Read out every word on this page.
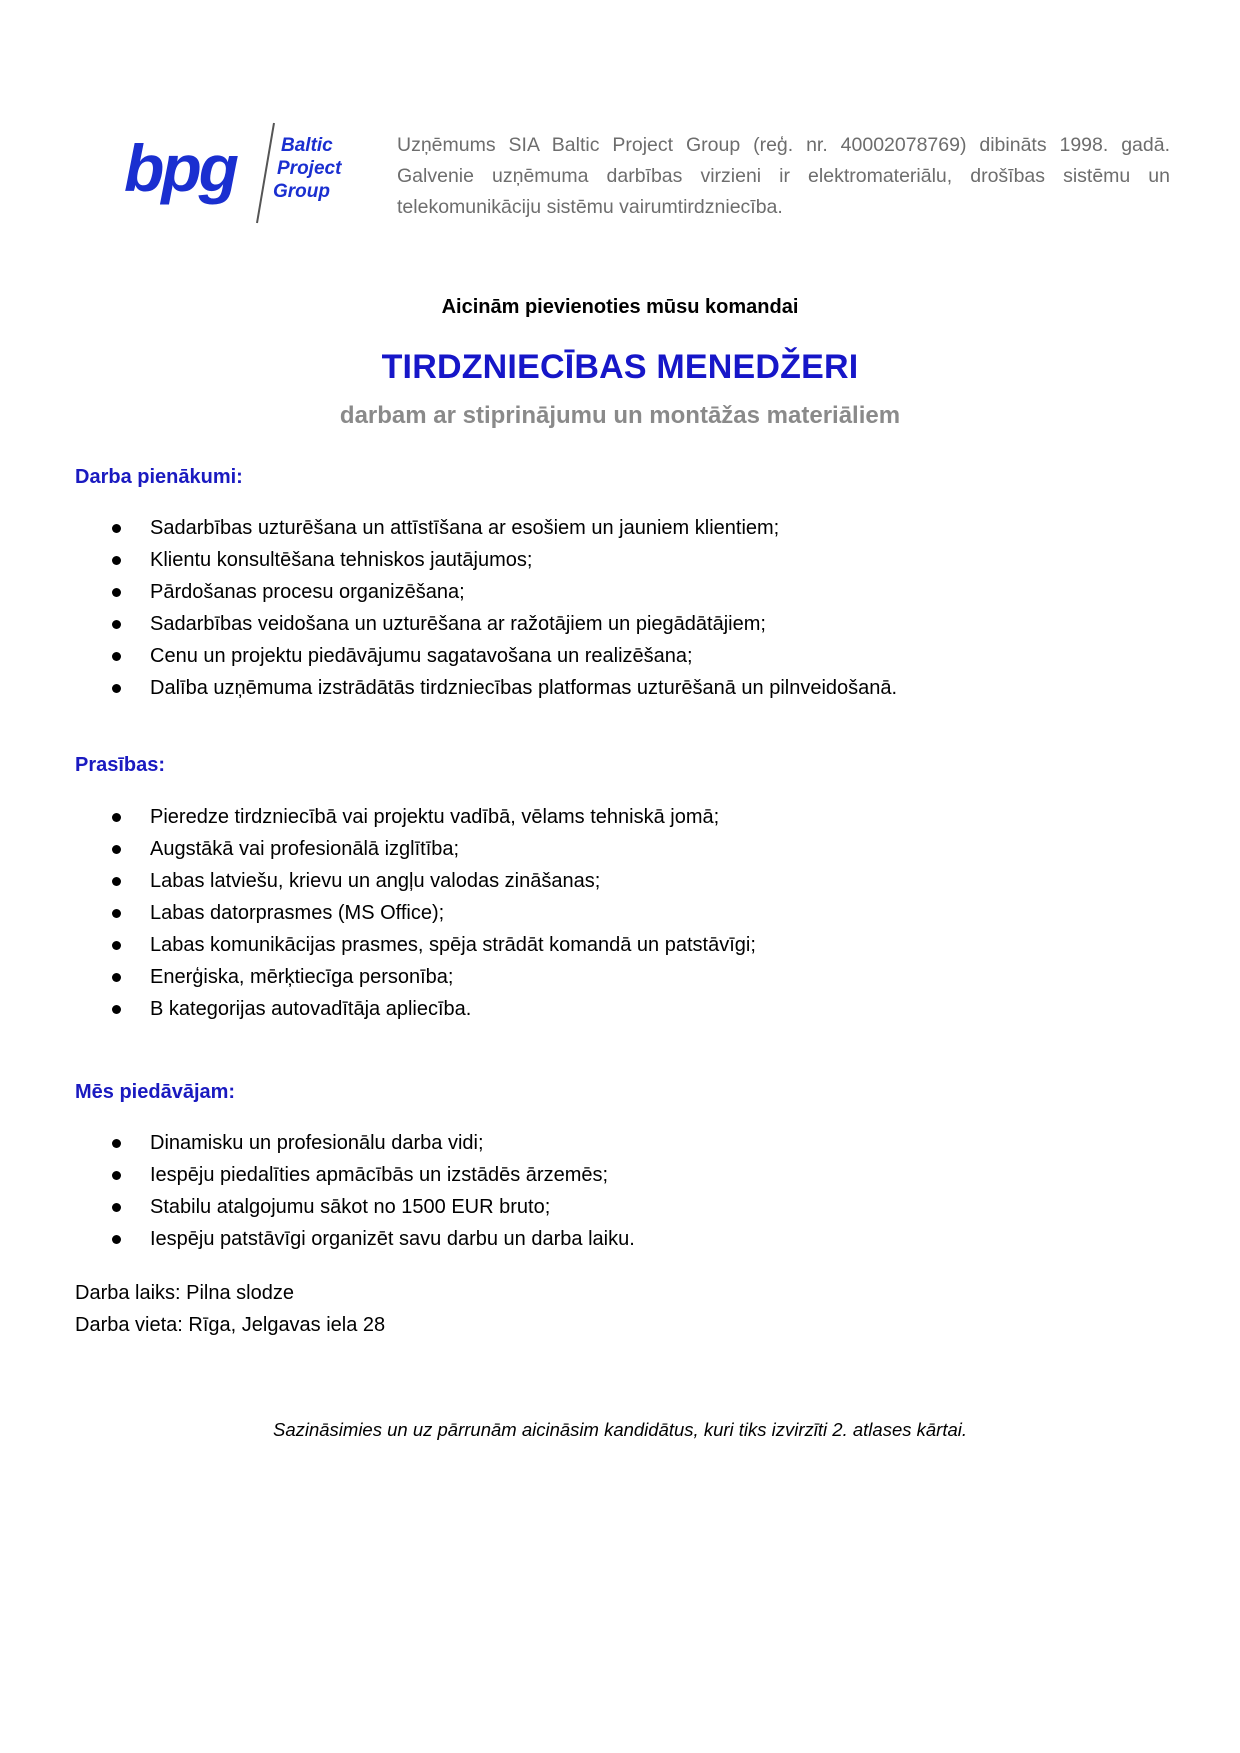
bpg Baltic
Project
Group

Uzņēmums SIA Baltic Project Group (reģ. nr. 40002078769) dibināts 1998. gadā. Galvenie uzņēmuma darbības virzieni ir elektromateriālu, drošības sistēmu un telekomunikāciju sistēmu vairumtirdzniecība.

Aicinām pievienoties mūsu komandai

TIRDZNIECĪBAS MENEDŽERI

darbam ar stiprinājumu un montāžas materiāliem

Darba pienākumi:
Sadarbības uzturēšana un attīstīšana ar esošiem un jauniem klientiem;
Klientu konsultēšana tehniskos jautājumos;
Pārdošanas procesu organizēšana;
Sadarbības veidošana un uzturēšana ar ražotājiem un piegādātājiem;
Cenu un projektu piedāvājumu sagatavošana un realizēšana;
Dalība uzņēmuma izstrādātās tirdzniecības platformas uzturēšanā un pilnveidošanā.
Prasības:
Pieredze tirdzniecībā vai projektu vadībā, vēlams tehniskā jomā;
Augstākā vai profesionālā izglītība;
Labas latviešu, krievu un angļu valodas zināšanas;
Labas datorprasmes (MS Office);
Labas komunikācijas prasmes, spēja strādāt komandā un patstāvīgi;
Enerģiska, mērķtiecīga personība;
B kategorijas autovadītāja apliecība.
Mēs piedāvājam:
Dinamisku un profesionālu darba vidi;
Iespēju piedalīties apmācībās un izstādēs ārzemēs;
Stabilu atalgojumu sākot no 1500 EUR bruto;
Iespēju patstāvīgi organizēt savu darbu un darba laiku.

Darba laiks: Pilna slodze

Darba vieta: Rīga, Jelgavas iela 28

Sazināsimies un uz pārrunām aicināsim kandidātus, kuri tiks izvirzīti 2. atlases kārtai.
